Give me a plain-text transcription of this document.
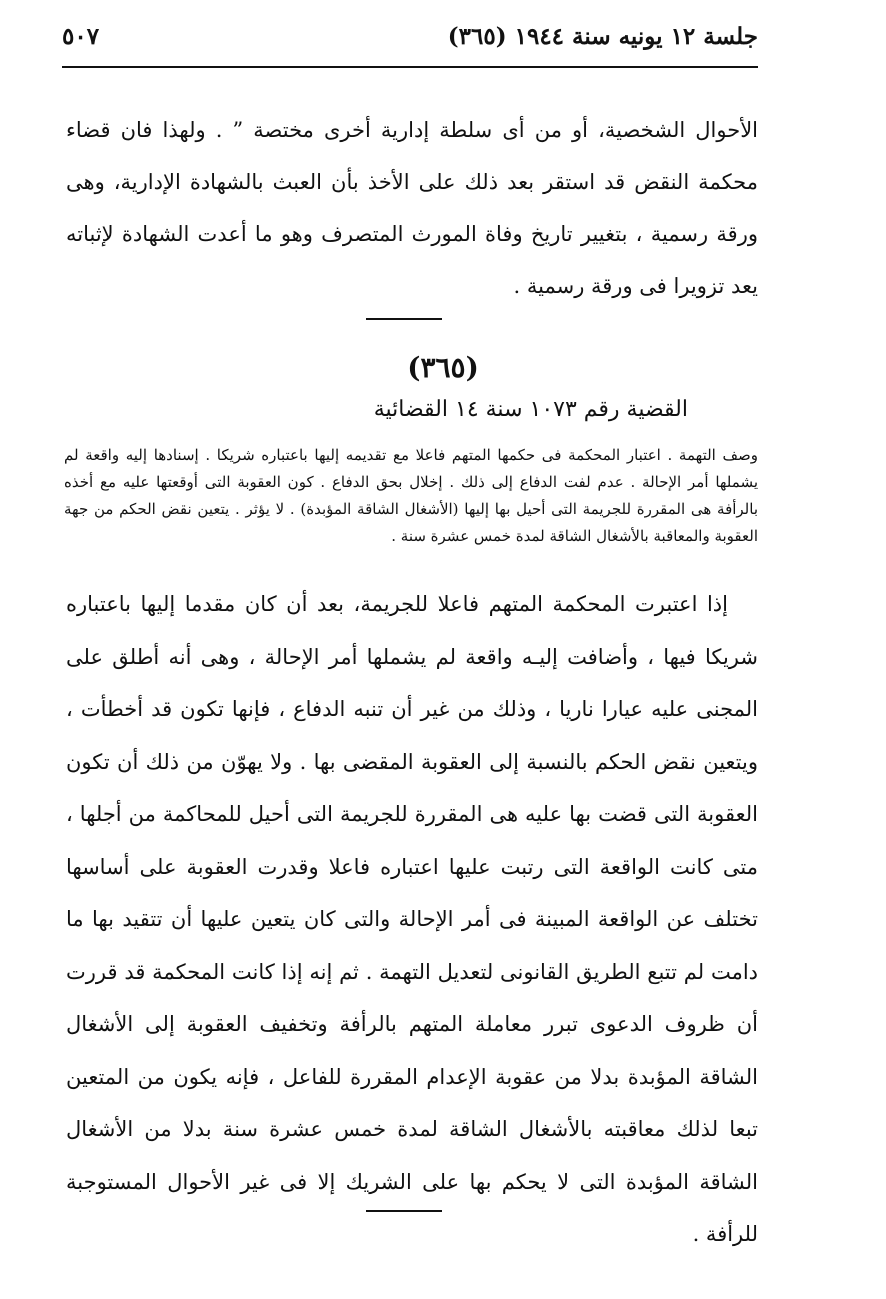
جلسة ١٢ يونيه سنة ١٩٤٤ (٣٦٥)
٥٠٧

الأحوال الشخصية، أو من أى سلطة إدارية أخرى مختصة ” . ولهذا فان قضاء محكمة النقض قد استقر بعد ذلك على الأخذ بأن العبث بالشهادة الإدارية، وهى ورقة رسمية ، بتغيير تاريخ وفاة المورث المتصرف وهو ما أعدت الشهادة لإثباته يعد تزويرا فى ورقة رسمية .

(٣٦٥)

القضية رقم ١٠٧٣ سنة ١٤ القضائية

وصف التهمة . اعتبار المحكمة فى حكمها المتهم فاعلا مع تقديمه إليها باعتباره شريكا . إسنادها إليه واقعة لم يشملها أمر الإحالة . عدم لفت الدفاع إلى ذلك . إخلال بحق الدفاع . كون العقوبة التى أوقعتها عليه مع أخذه بالرأفة هى المقررة للجريمة التى أحيل بها إليها (الأشغال الشاقة المؤبدة) . لا يؤثر . يتعين نقض الحكم من جهة العقوبة والمعاقبة بالأشغال الشاقة لمدة خمس عشرة سنة .

إذا اعتبرت المحكمة المتهم فاعلا للجريمة، بعد أن كان مقدما إليها باعتباره شريكا فيها ، وأضافت إليـه واقعة لم يشملها أمر الإحالة ، وهى أنه أطلق على المجنى عليه عيارا ناريا ، وذلك من غير أن تنبه الدفاع ، فإنها تكون قد أخطأت ، ويتعين نقض الحكم بالنسبة إلى العقوبة المقضى بها . ولا يهوّن من ذلك أن تكون العقوبة التى قضت بها عليه هى المقررة للجريمة التى أحيل للمحاكمة من أجلها ، متى كانت الواقعة التى رتبت عليها اعتباره فاعلا وقدرت العقوبة على أساسها تختلف عن الواقعة المبينة فى أمر الإحالة والتى كان يتعين عليها أن تتقيد بها ما دامت لم تتبع الطريق القانونى لتعديل التهمة . ثم إنه إذا كانت المحكمة قد قررت أن ظروف الدعوى تبرر معاملة المتهم بالرأفة وتخفيف العقوبة إلى الأشغال الشاقة المؤبدة بدلا من عقوبة الإعدام المقررة للفاعل ، فإنه يكون من المتعين تبعا لذلك معاقبته بالأشغال الشاقة لمدة خمس عشرة سنة بدلا من الأشغال الشاقة المؤبدة التى لا يحكم بها على الشريك إلا فى غير الأحوال المستوجبة للرأفة .
